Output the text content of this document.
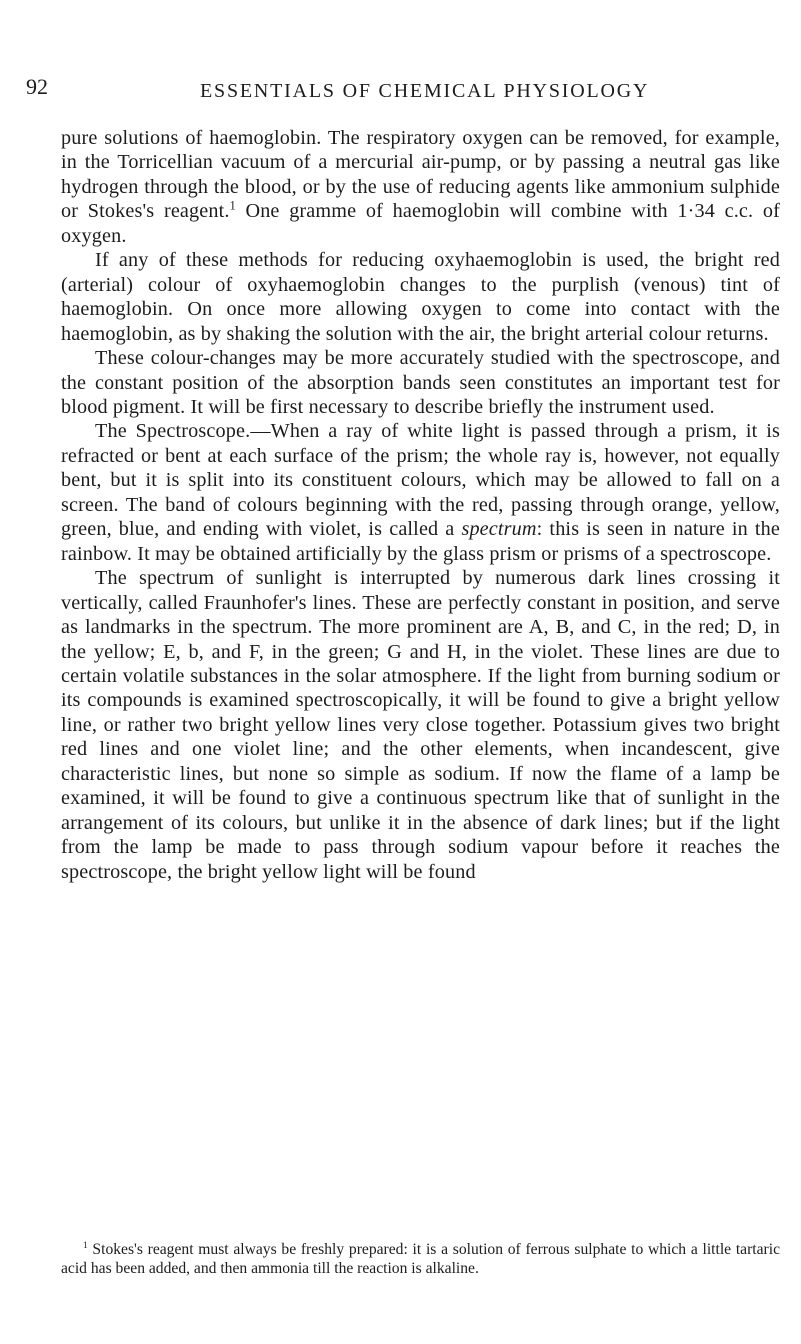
92	ESSENTIALS OF CHEMICAL PHYSIOLOGY

pure solutions of haemoglobin. The respiratory oxygen can be removed, for example, in the Torricellian vacuum of a mercurial air-pump, or by passing a neutral gas like hydrogen through the blood, or by the use of reducing agents like ammonium sulphide or Stokes's reagent.$^1$ One gramme of haemoglobin will combine with 1·34 c.c. of oxygen.

If any of these methods for reducing oxyhaemoglobin is used, the bright red (arterial) colour of oxyhaemoglobin changes to the purplish (venous) tint of haemoglobin. On once more allowing oxygen to come into contact with the haemoglobin, as by shaking the solution with the air, the bright arterial colour returns.

These colour-changes may be more accurately studied with the spectroscope, and the constant position of the absorption bands seen constitutes an important test for blood pigment. It will be first necessary to describe briefly the instrument used.

The Spectroscope.—When a ray of white light is passed through a prism, it is refracted or bent at each surface of the prism; the whole ray is, however, not equally bent, but it is split into its constituent colours, which may be allowed to fall on a screen. The band of colours beginning with the red, passing through orange, yellow, green, blue, and ending with violet, is called a spectrum: this is seen in nature in the rainbow. It may be obtained artificially by the glass prism or prisms of a spectroscope.

The spectrum of sunlight is interrupted by numerous dark lines crossing it vertically, called Fraunhofer's lines. These are perfectly constant in position, and serve as landmarks in the spectrum. The more prominent are A, B, and C, in the red; D, in the yellow; E, b, and F, in the green; G and H, in the violet. These lines are due to certain volatile substances in the solar atmosphere. If the light from burning sodium or its compounds is examined spectroscopically, it will be found to give a bright yellow line, or rather two bright yellow lines very close together. Potassium gives two bright red lines and one violet line; and the other elements, when incandescent, give characteristic lines, but none so simple as sodium. If now the flame of a lamp be examined, it will be found to give a continuous spectrum like that of sunlight in the arrangement of its colours, but unlike it in the absence of dark lines; but if the light from the lamp be made to pass through sodium vapour before it reaches the spectroscope, the bright yellow light will be found

$^1$ Stokes's reagent must always be freshly prepared: it is a solution of ferrous sulphate to which a little tartaric acid has been added, and then ammonia till the reaction is alkaline.
